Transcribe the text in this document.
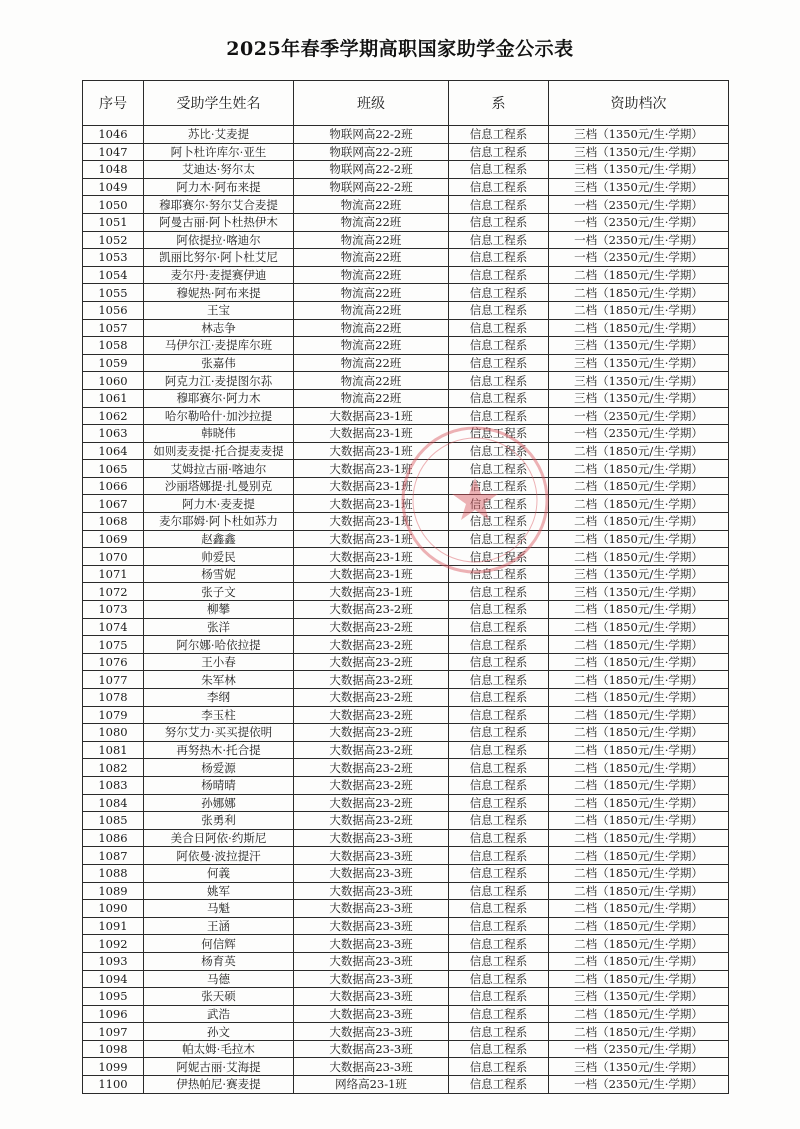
2025年春季学期高职国家助学金公示表
序号	受助学生姓名	班级	系	资助档次
1046	苏比·艾麦提	物联网高22-2班	信息工程系	三档（1350元/生·学期）
1047	阿卜杜许库尔·亚生	物联网高22-2班	信息工程系	三档（1350元/生·学期）
1048	艾迪达·努尔太	物联网高22-2班	信息工程系	三档（1350元/生·学期）
1049	阿力木·阿布来提	物联网高22-2班	信息工程系	三档（1350元/生·学期）
1050	穆耶赛尔·努尔艾合麦提	物流高22班	信息工程系	一档（2350元/生·学期）
1051	阿曼古丽·阿卜杜热伊木	物流高22班	信息工程系	一档（2350元/生·学期）
1052	阿依提拉·喀迪尔	物流高22班	信息工程系	一档（2350元/生·学期）
1053	凯丽比努尔·阿卜杜艾尼	物流高22班	信息工程系	一档（2350元/生·学期）
1054	麦尔丹·麦提赛伊迪	物流高22班	信息工程系	二档（1850元/生·学期）
1055	穆妮热·阿布来提	物流高22班	信息工程系	二档（1850元/生·学期）
1056	王宝	物流高22班	信息工程系	二档（1850元/生·学期）
1057	林志争	物流高22班	信息工程系	二档（1850元/生·学期）
1058	马伊尔江·麦提库尔班	物流高22班	信息工程系	三档（1350元/生·学期）
1059	张嘉伟	物流高22班	信息工程系	三档（1350元/生·学期）
1060	阿克力江·麦提图尔荪	物流高22班	信息工程系	三档（1350元/生·学期）
1061	穆耶赛尔·阿力木	物流高22班	信息工程系	三档（1350元/生·学期）
1062	哈尔勒哈什·加沙拉提	大数据高23-1班	信息工程系	一档（2350元/生·学期）
1063	韩晓伟	大数据高23-1班	信息工程系	一档（2350元/生·学期）
1064	如则麦麦提·托合提麦麦提	大数据高23-1班	信息工程系	二档（1850元/生·学期）
1065	艾姆拉古丽·喀迪尔	大数据高23-1班	信息工程系	二档（1850元/生·学期）
1066	沙丽塔娜提·扎曼别克	大数据高23-1班	信息工程系	二档（1850元/生·学期）
1067	阿力木·麦麦提	大数据高23-1班	信息工程系	二档（1850元/生·学期）
1068	麦尔耶姆·阿卜杜如苏力	大数据高23-1班	信息工程系	二档（1850元/生·学期）
1069	赵鑫鑫	大数据高23-1班	信息工程系	二档（1850元/生·学期）
1070	帅爱民	大数据高23-1班	信息工程系	二档（1850元/生·学期）
1071	杨雪妮	大数据高23-1班	信息工程系	三档（1350元/生·学期）
1072	张子文	大数据高23-1班	信息工程系	三档（1350元/生·学期）
1073	柳攀	大数据高23-2班	信息工程系	二档（1850元/生·学期）
1074	张洋	大数据高23-2班	信息工程系	二档（1850元/生·学期）
1075	阿尔娜·哈依拉提	大数据高23-2班	信息工程系	二档（1850元/生·学期）
1076	王小春	大数据高23-2班	信息工程系	二档（1850元/生·学期）
1077	朱军林	大数据高23-2班	信息工程系	二档（1850元/生·学期）
1078	李纲	大数据高23-2班	信息工程系	二档（1850元/生·学期）
1079	李玉柱	大数据高23-2班	信息工程系	二档（1850元/生·学期）
1080	努尔艾力·买买提依明	大数据高23-2班	信息工程系	二档（1850元/生·学期）
1081	再努热木·托合提	大数据高23-2班	信息工程系	二档（1850元/生·学期）
1082	杨爱源	大数据高23-2班	信息工程系	二档（1850元/生·学期）
1083	杨晴晴	大数据高23-2班	信息工程系	二档（1850元/生·学期）
1084	孙娜娜	大数据高23-2班	信息工程系	二档（1850元/生·学期）
1085	张勇利	大数据高23-2班	信息工程系	二档（1850元/生·学期）
1086	美合日阿依·约斯尼	大数据高23-3班	信息工程系	二档（1850元/生·学期）
1087	阿依曼·波拉提汗	大数据高23-3班	信息工程系	二档（1850元/生·学期）
1088	何義	大数据高23-3班	信息工程系	二档（1850元/生·学期）
1089	姚军	大数据高23-3班	信息工程系	二档（1850元/生·学期）
1090	马魁	大数据高23-3班	信息工程系	二档（1850元/生·学期）
1091	王涵	大数据高23-3班	信息工程系	二档（1850元/生·学期）
1092	何信辉	大数据高23-3班	信息工程系	二档（1850元/生·学期）
1093	杨育英	大数据高23-3班	信息工程系	二档（1850元/生·学期）
1094	马德	大数据高23-3班	信息工程系	二档（1850元/生·学期）
1095	张天硕	大数据高23-3班	信息工程系	三档（1350元/生·学期）
1096	武浩	大数据高23-3班	信息工程系	二档（1850元/生·学期）
1097	孙文	大数据高23-3班	信息工程系	二档（1850元/生·学期）
1098	帕太姆·毛拉木	大数据高23-3班	信息工程系	一档（2350元/生·学期）
1099	阿妮古丽·艾海提	大数据高23-3班	信息工程系	三档（1350元/生·学期）
1100	伊热帕尼·赛麦提	网络高23-1班	信息工程系	一档（2350元/生·学期）
